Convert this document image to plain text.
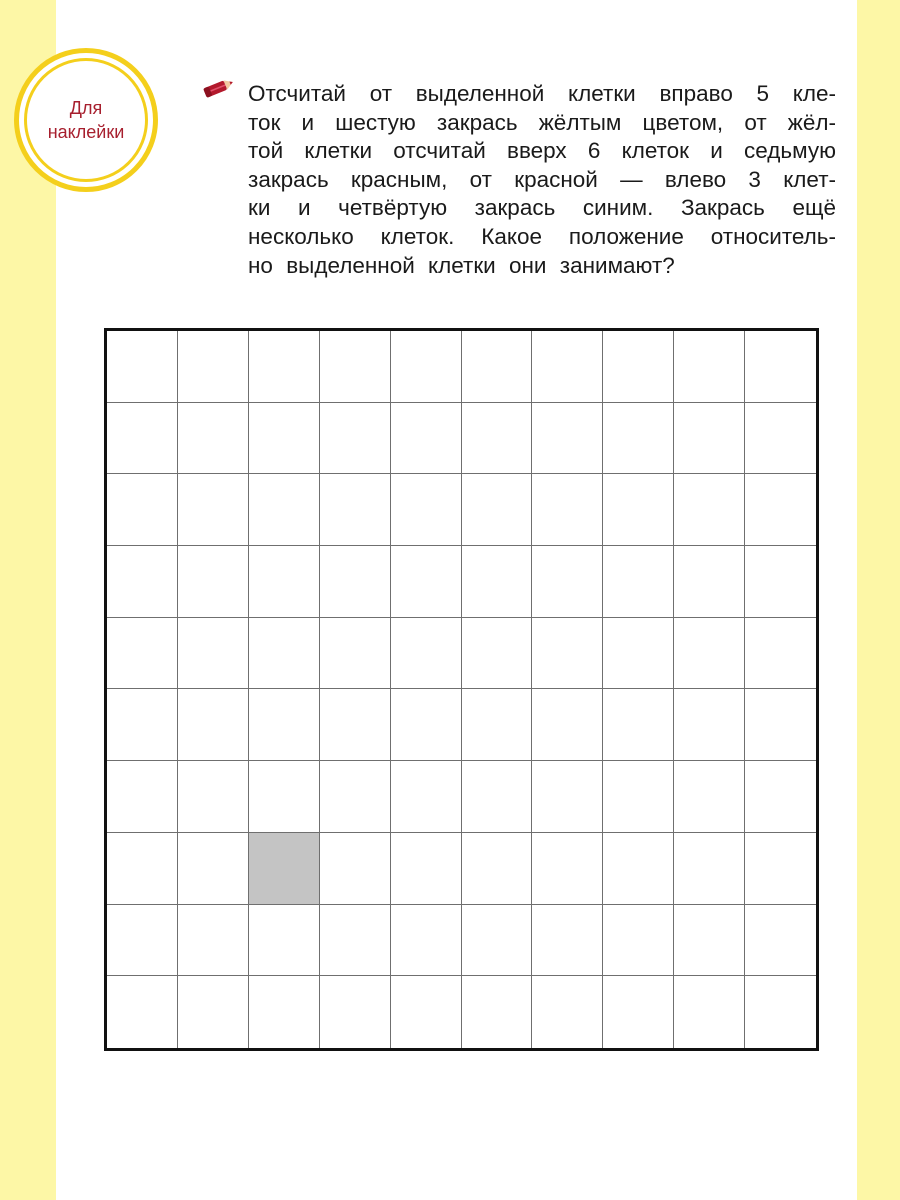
Для
наклейки

Отсчитай от выделенной клетки вправо 5 кле-
ток и шестую закрась жёлтым цветом, от жёл-
той клетки отсчитай вверх 6 клеток и седьмую
закрась красным, от красной — влево 3 клет-
ки и четвёртую закрась синим. Закрась ещё
несколько клеток. Какое положение относитель-
но выделенной клетки они занимают?
